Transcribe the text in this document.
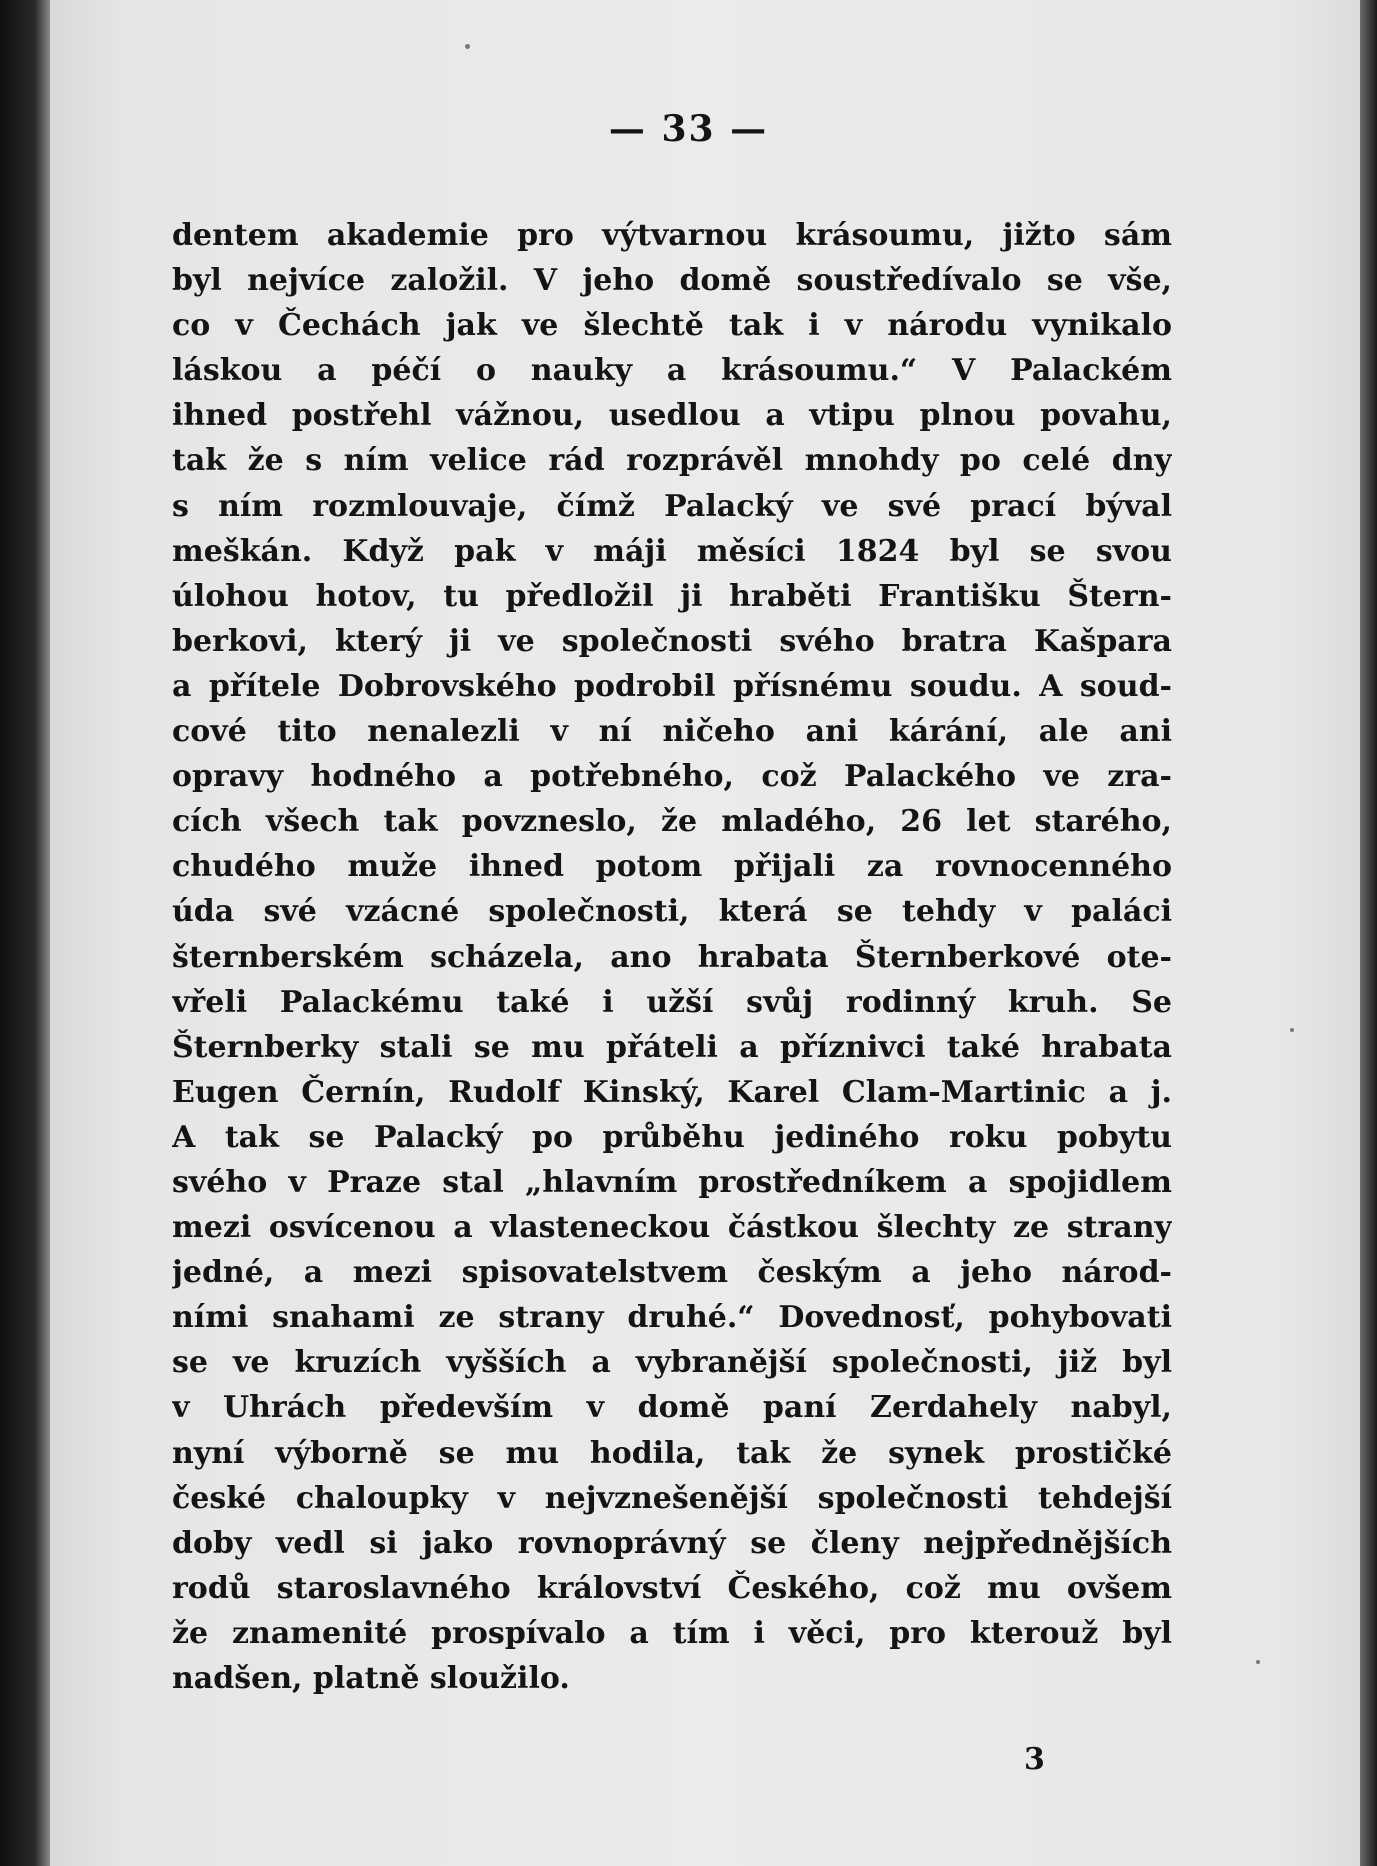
— 33 —
dentem akademie pro výtvarnou krásoumu, jižto sám
byl nejvíce založil. V jeho domě soustředívalo se vše,
co v Čechách jak ve šlechtě tak i v národu vynikalo
láskou a péčí o nauky a krásoumu.“ V Palackém
ihned postřehl vážnou, usedlou a vtipu plnou povahu,
tak že s ním velice rád rozprávěl mnohdy po celé dny
s ním rozmlouvaje, čímž Palacký ve své prací býval
meškán. Když pak v máji měsíci 1824 byl se svou
úlohou hotov, tu předložil ji hraběti Františku Štern-
berkovi, který ji ve společnosti svého bratra Kašpara
a přítele Dobrovského podrobil přísnému soudu. A soud-
cové tito nenalezli v ní ničeho ani kárání, ale ani
opravy hodného a potřebného, což Palackého ve zra-
cích všech tak povzneslo, že mladého, 26 let starého,
chudého muže ihned potom přijali za rovnocenného
úda své vzácné společnosti, která se tehdy v paláci
šternberském scházela, ano hrabata Šternberkové ote-
vřeli Palackému také i užší svůj rodinný kruh. Se
Šternberky stali se mu přáteli a příznivci také hrabata
Eugen Černín, Rudolf Kinský, Karel Clam-Martinic a j.
A tak se Palacký po průběhu jediného roku pobytu
svého v Praze stal „hlavním prostředníkem a spojidlem
mezi osvícenou a vlasteneckou částkou šlechty ze strany
jedné, a mezi spisovatelstvem českým a jeho národ-
ními snahami ze strany druhé.“ Dovednosť, pohybovati
se ve kruzích vyšších a vybranější společnosti, již byl
v Uhrách především v domě paní Zerdahely nabyl,
nyní výborně se mu hodila, tak že synek prostičké
české chaloupky v nejvznešenější společnosti tehdejší
doby vedl si jako rovnoprávný se členy nejpřednějších
rodů staroslavného království Českého, což mu ovšem
že znamenité prospívalo a tím i věci, pro kterouž byl
nadšen, platně sloužilo.
3
